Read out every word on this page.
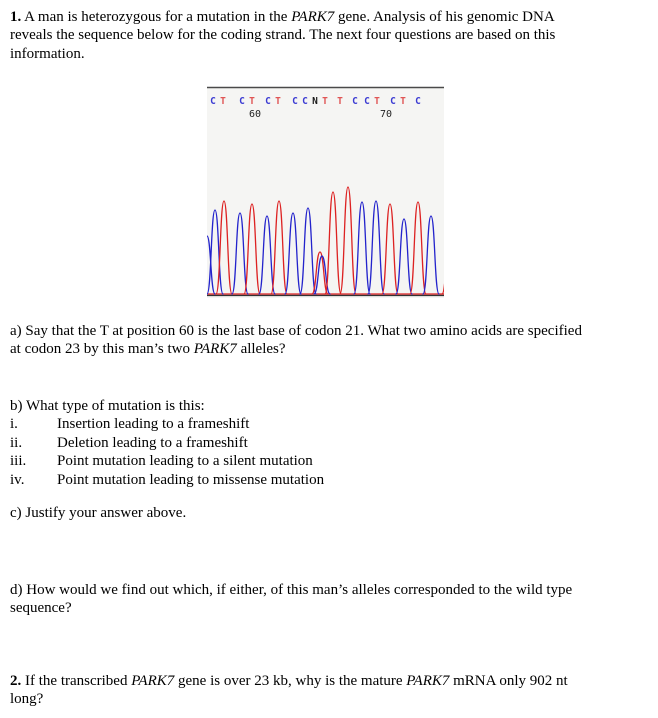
1. A man is heterozygous for a mutation in the PARK7 gene. Analysis of his genomic DNA
reveals the sequence below for the coding strand. The next four questions are based on this
information.
C T C T C T C C N T T C C T C T C
60	70
a) Say that the T at position 60 is the last base of codon 21. What two amino acids are specified
at codon 23 by this man’s two PARK7 alleles?
b) What type of mutation is this:
i.	Insertion leading to a frameshift
ii. Deletion leading to a frameshift
iii. Point mutation leading to a silent mutation
iv. Point mutation leading to missense mutation
c) Justify your answer above.
d) How would we find out which, if either, of this man’s alleles corresponded to the wild type
sequence?
2. If the transcribed PARK7 gene is over 23 kb, why is the mature PARK7 mRNA only 902 nt
long?
